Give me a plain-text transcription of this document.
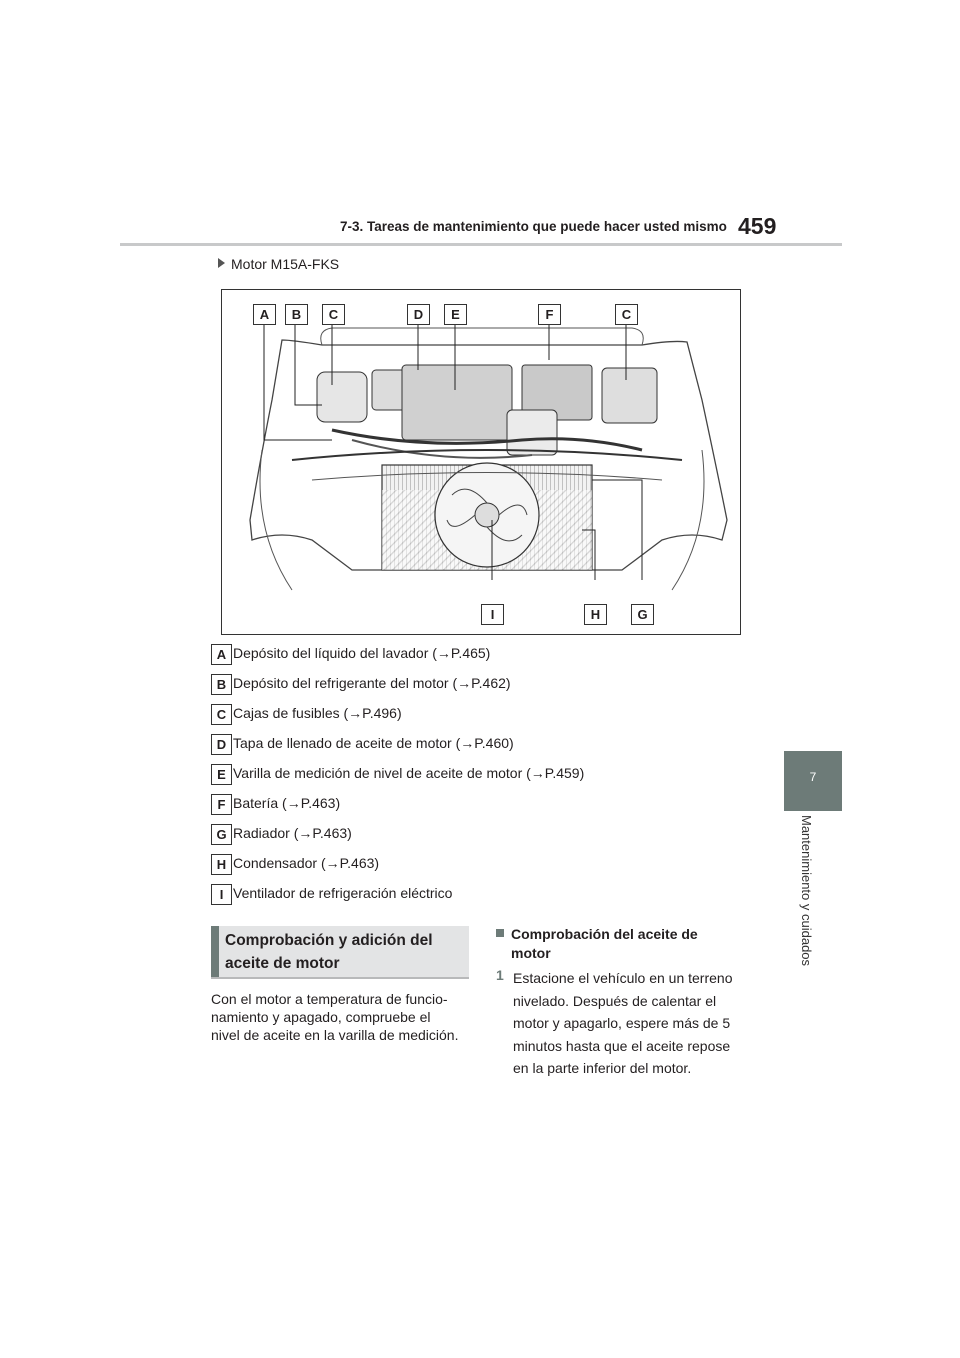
7-3. Tareas de mantenimiento que puede hacer usted mismo 459
7
Mantenimiento y cuidados
Motor M15A-FKS
A	B	C	D	E	F	C
I	H	G
A Depósito del líquido del lavador (→P.465)
B Depósito del refrigerante del motor (→P.462)
C Cajas de fusibles (→P.496)
D Tapa de llenado de aceite de motor (→P.460)
E Varilla de medición de nivel de aceite de motor (→P.459)
F Batería (→P.463)
G Radiador (→P.463)
H Condensador (→P.463)
I Ventilador de refrigeración eléctrico
Comprobación y adición del
aceite de motor
Con el motor a temperatura de funcio-
namiento y apagado, compruebe el
nivel de aceite en la varilla de medición.
Comprobación del aceite de
motor
1 Estacione el vehículo en un terreno
nivelado. Después de calentar el
motor y apagarlo, espere más de 5
minutos hasta que el aceite repose
en la parte inferior del motor.
